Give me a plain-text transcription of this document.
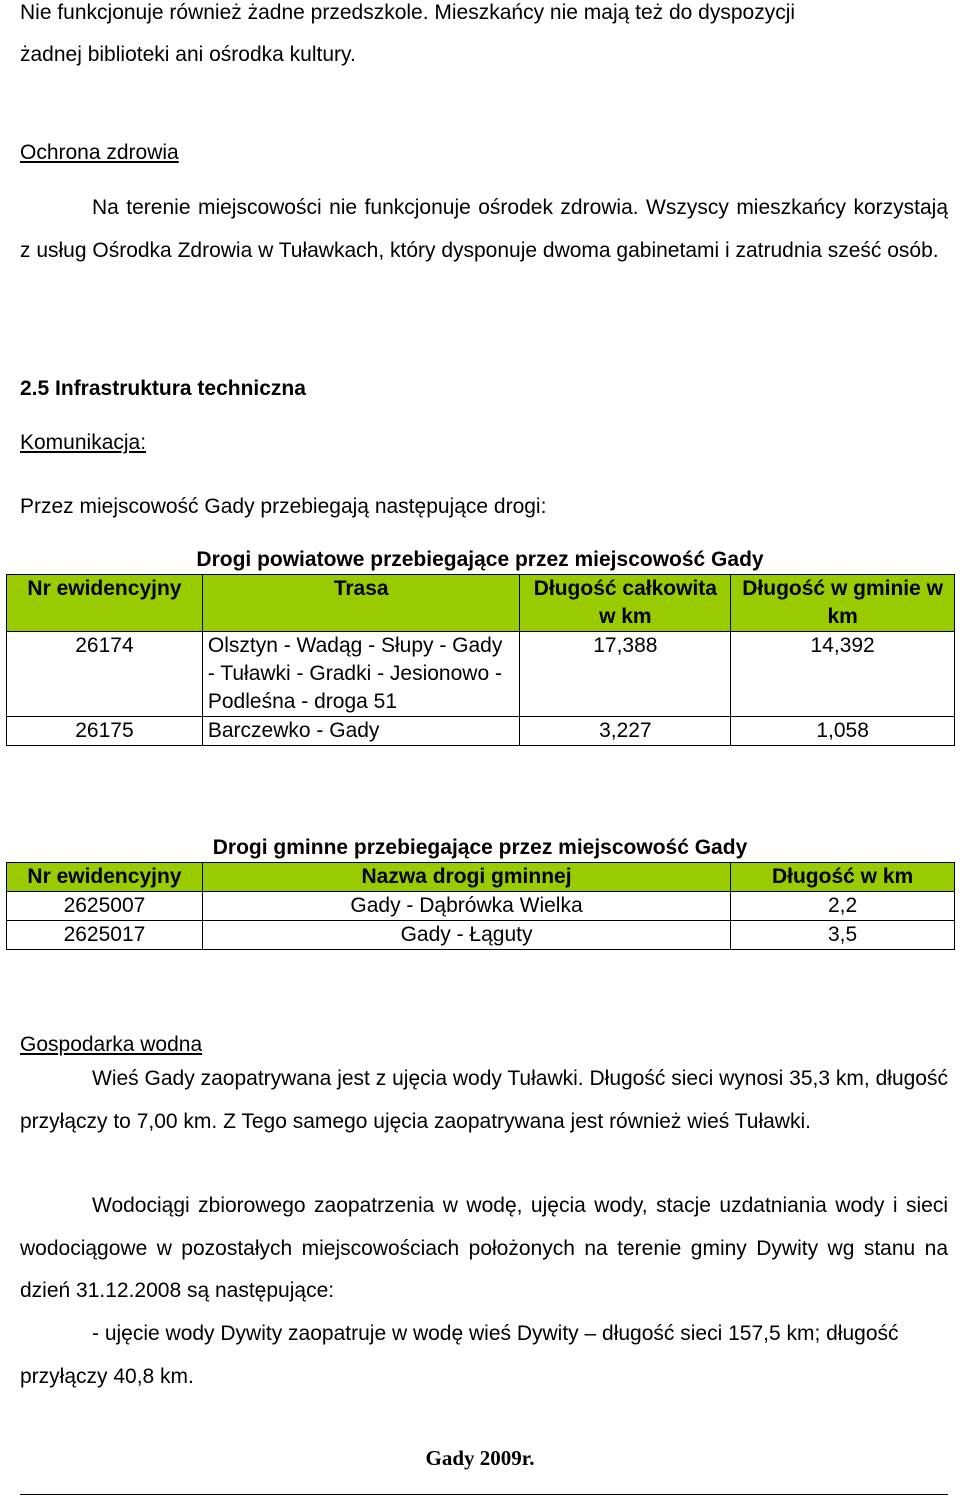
Nie funkcjonuje również żadne przedszkole. Mieszkańcy nie mają też do dyspozycji
żadnej biblioteki ani ośrodka kultury.
Ochrona zdrowia
Na terenie miejscowości nie funkcjonuje ośrodek zdrowia. Wszyscy mieszkańcy korzystają z usług Ośrodka Zdrowia w Tuławkach, który dysponuje dwoma gabinetami i zatrudnia sześć osób.
2.5 Infrastruktura techniczna
Komunikacja:
Przez miejscowość Gady przebiegają następujące drogi:
Drogi powiatowe przebiegające przez miejscowość Gady
Nr ewidencyjny	Trasa	Długość całkowita w km	Długość w gminie w km
26174	Olsztyn - Wadąg - Słupy - Gady - Tuławki - Gradki - Jesionowo - Podleśna - droga 51	17,388	14,392
26175	Barczewko - Gady	3,227	1,058
Drogi gminne przebiegające przez miejscowość Gady
Nr ewidencyjny	Nazwa drogi gminnej	Długość w km
2625007	Gady - Dąbrówka Wielka	2,2
2625017	Gady - Łąguty	3,5
Gospodarka wodna
Wieś Gady zaopatrywana jest z ujęcia wody Tuławki. Długość sieci wynosi 35,3 km, długość przyłączy to 7,00 km. Z Tego samego ujęcia zaopatrywana jest również wieś Tuławki.
Wodociągi zbiorowego zaopatrzenia w wodę, ujęcia wody, stacje uzdatniania wody i sieci wodociągowe w pozostałych miejscowościach położonych na terenie gminy Dywity wg stanu na dzień 31.12.2008 są następujące:
- ujęcie wody Dywity zaopatruje w wodę wieś Dywity – długość sieci 157,5 km; długość przyłączy 40,8 km.
Gady 2009r.
